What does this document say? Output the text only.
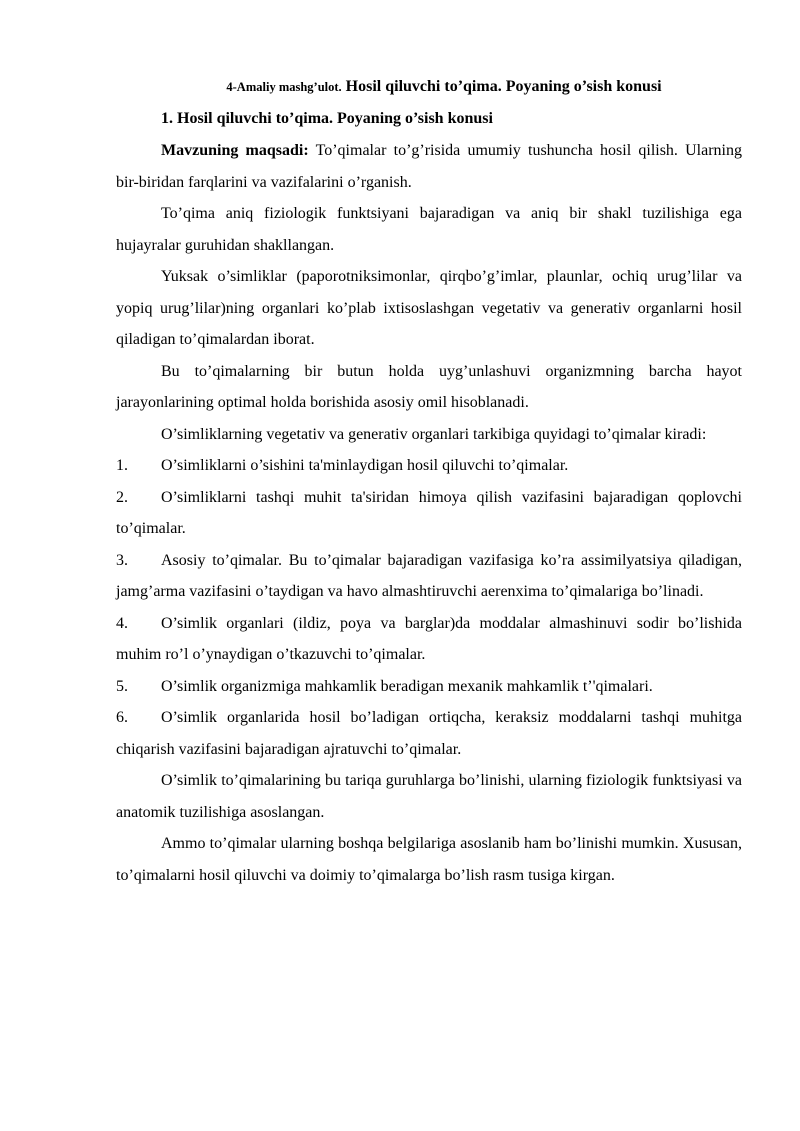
4-Amaliy mashg’ulot. Hosil qiluvchi to’qima. Poyaning o’sish konusi
1. Hosil qiluvchi to’qima. Poyaning o’sish konusi

Mavzuning maqsadi: To’qimalar to’g’risida umumiy tushuncha hosil qilish. Ularning bir-biridan farqlarini va vazifalarini o’rganish.

To’qima aniq fiziologik funktsiyani bajaradigan va aniq bir shakl tuzilishiga ega hujayralar guruhidan shakllangan.

Yuksak o’simliklar (paporotniksimonlar, qirqbo’g’imlar, plaunlar, ochiq urug’lilar va yopiq urug’lilar)ning organlari ko’plab ixtisoslashgan vegetativ va generativ organlarni hosil qiladigan to’qimalardan iborat.

Bu to’qimalarning bir butun holda uyg’unlashuvi organizmning barcha hayot jarayonlarining optimal holda borishida asosiy omil hisoblanadi.

O’simliklarning vegetativ va generativ organlari tarkibiga quyidagi to’qimalar kiradi:

1. O’simliklarni o’sishini ta'minlaydigan hosil qiluvchi to’qimalar.

2. O’simliklarni tashqi muhit ta'siridan himoya qilish vazifasini bajaradigan qoplovchi to’qimalar.

3. Asosiy to’qimalar. Bu to’qimalar bajaradigan vazifasiga ko’ra assimilyatsiya qiladigan, jamg’arma vazifasini o’taydigan va havo almashtiruvchi aerenxima to’qimalariga bo’linadi.

4. O’simlik organlari (ildiz, poya va barglar)da moddalar almashinuvi sodir bo’lishida muhim ro’l o’ynaydigan o’tkazuvchi to’qimalar.

5. O’simlik organizmiga mahkamlik beradigan mexanik mahkamlik t’'qimalari.

6. O’simlik organlarida hosil bo’ladigan ortiqcha, keraksiz moddalarni tashqi muhitga chiqarish vazifasini bajaradigan ajratuvchi to’qimalar.

O’simlik to’qimalarining bu tariqa guruhlarga bo’linishi, ularning fiziologik funktsiyasi va anatomik tuzilishiga asoslangan.

Ammo to’qimalar ularning boshqa belgilariga asoslanib ham bo’linishi mumkin. Xususan, to’qimalarni hosil qiluvchi va doimiy to’qimalarga bo’lish rasm tusiga kirgan.
